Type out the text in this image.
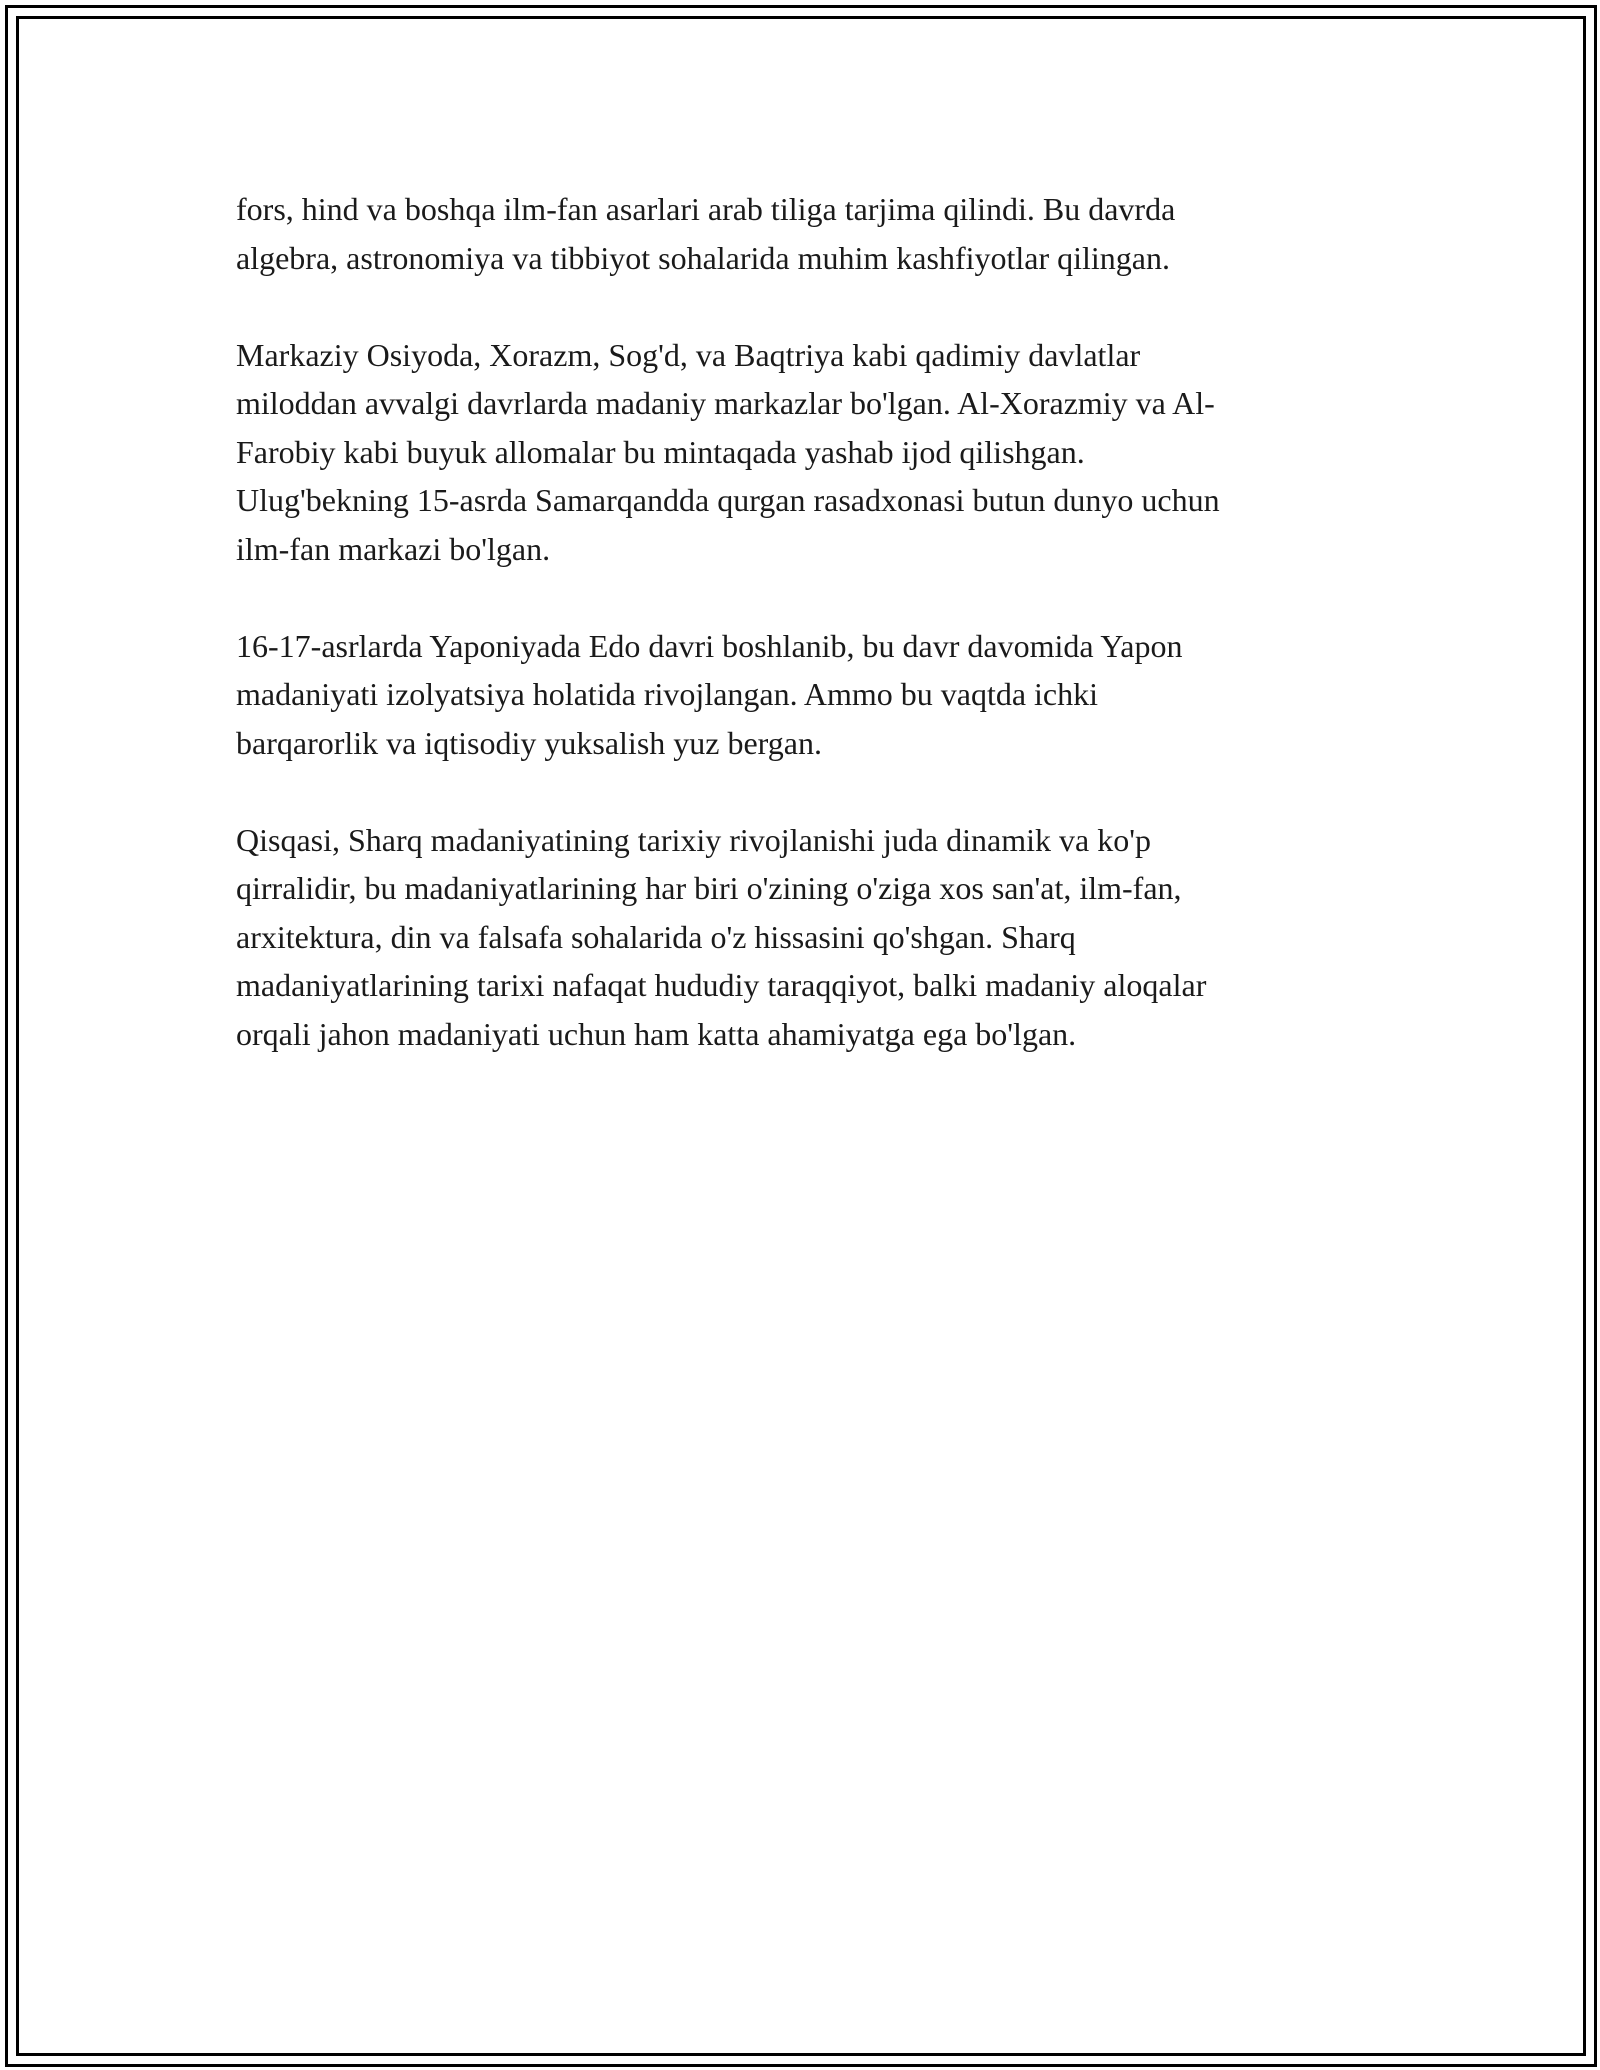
fors, hind va boshqa ilm-fan asarlari arab tiliga tarjima qilindi. Bu davrda
algebra, astronomiya va tibbiyot sohalarida muhim kashfiyotlar qilingan.

Markaziy Osiyoda, Xorazm, Sog'd, va Baqtriya kabi qadimiy davlatlar
miloddan avvalgi davrlarda madaniy markazlar bo'lgan. Al-Xorazmiy va Al-
Farobiy kabi buyuk allomalar bu mintaqada yashab ijod qilishgan.
Ulug'bekning 15-asrda Samarqandda qurgan rasadxonasi butun dunyo uchun
ilm-fan markazi bo'lgan.

16-17-asrlarda Yaponiyada Edo davri boshlanib, bu davr davomida Yapon
madaniyati izolyatsiya holatida rivojlangan. Ammo bu vaqtda ichki
barqarorlik va iqtisodiy yuksalish yuz bergan.

Qisqasi, Sharq madaniyatining tarixiy rivojlanishi juda dinamik va ko'p
qirralidir, bu madaniyatlarining har biri o'zining o'ziga xos san'at, ilm-fan,
arxitektura, din va falsafa sohalarida o'z hissasini qo'shgan. Sharq
madaniyatlarining tarixi nafaqat hududiy taraqqiyot, balki madaniy aloqalar
orqali jahon madaniyati uchun ham katta ahamiyatga ega bo'lgan.
